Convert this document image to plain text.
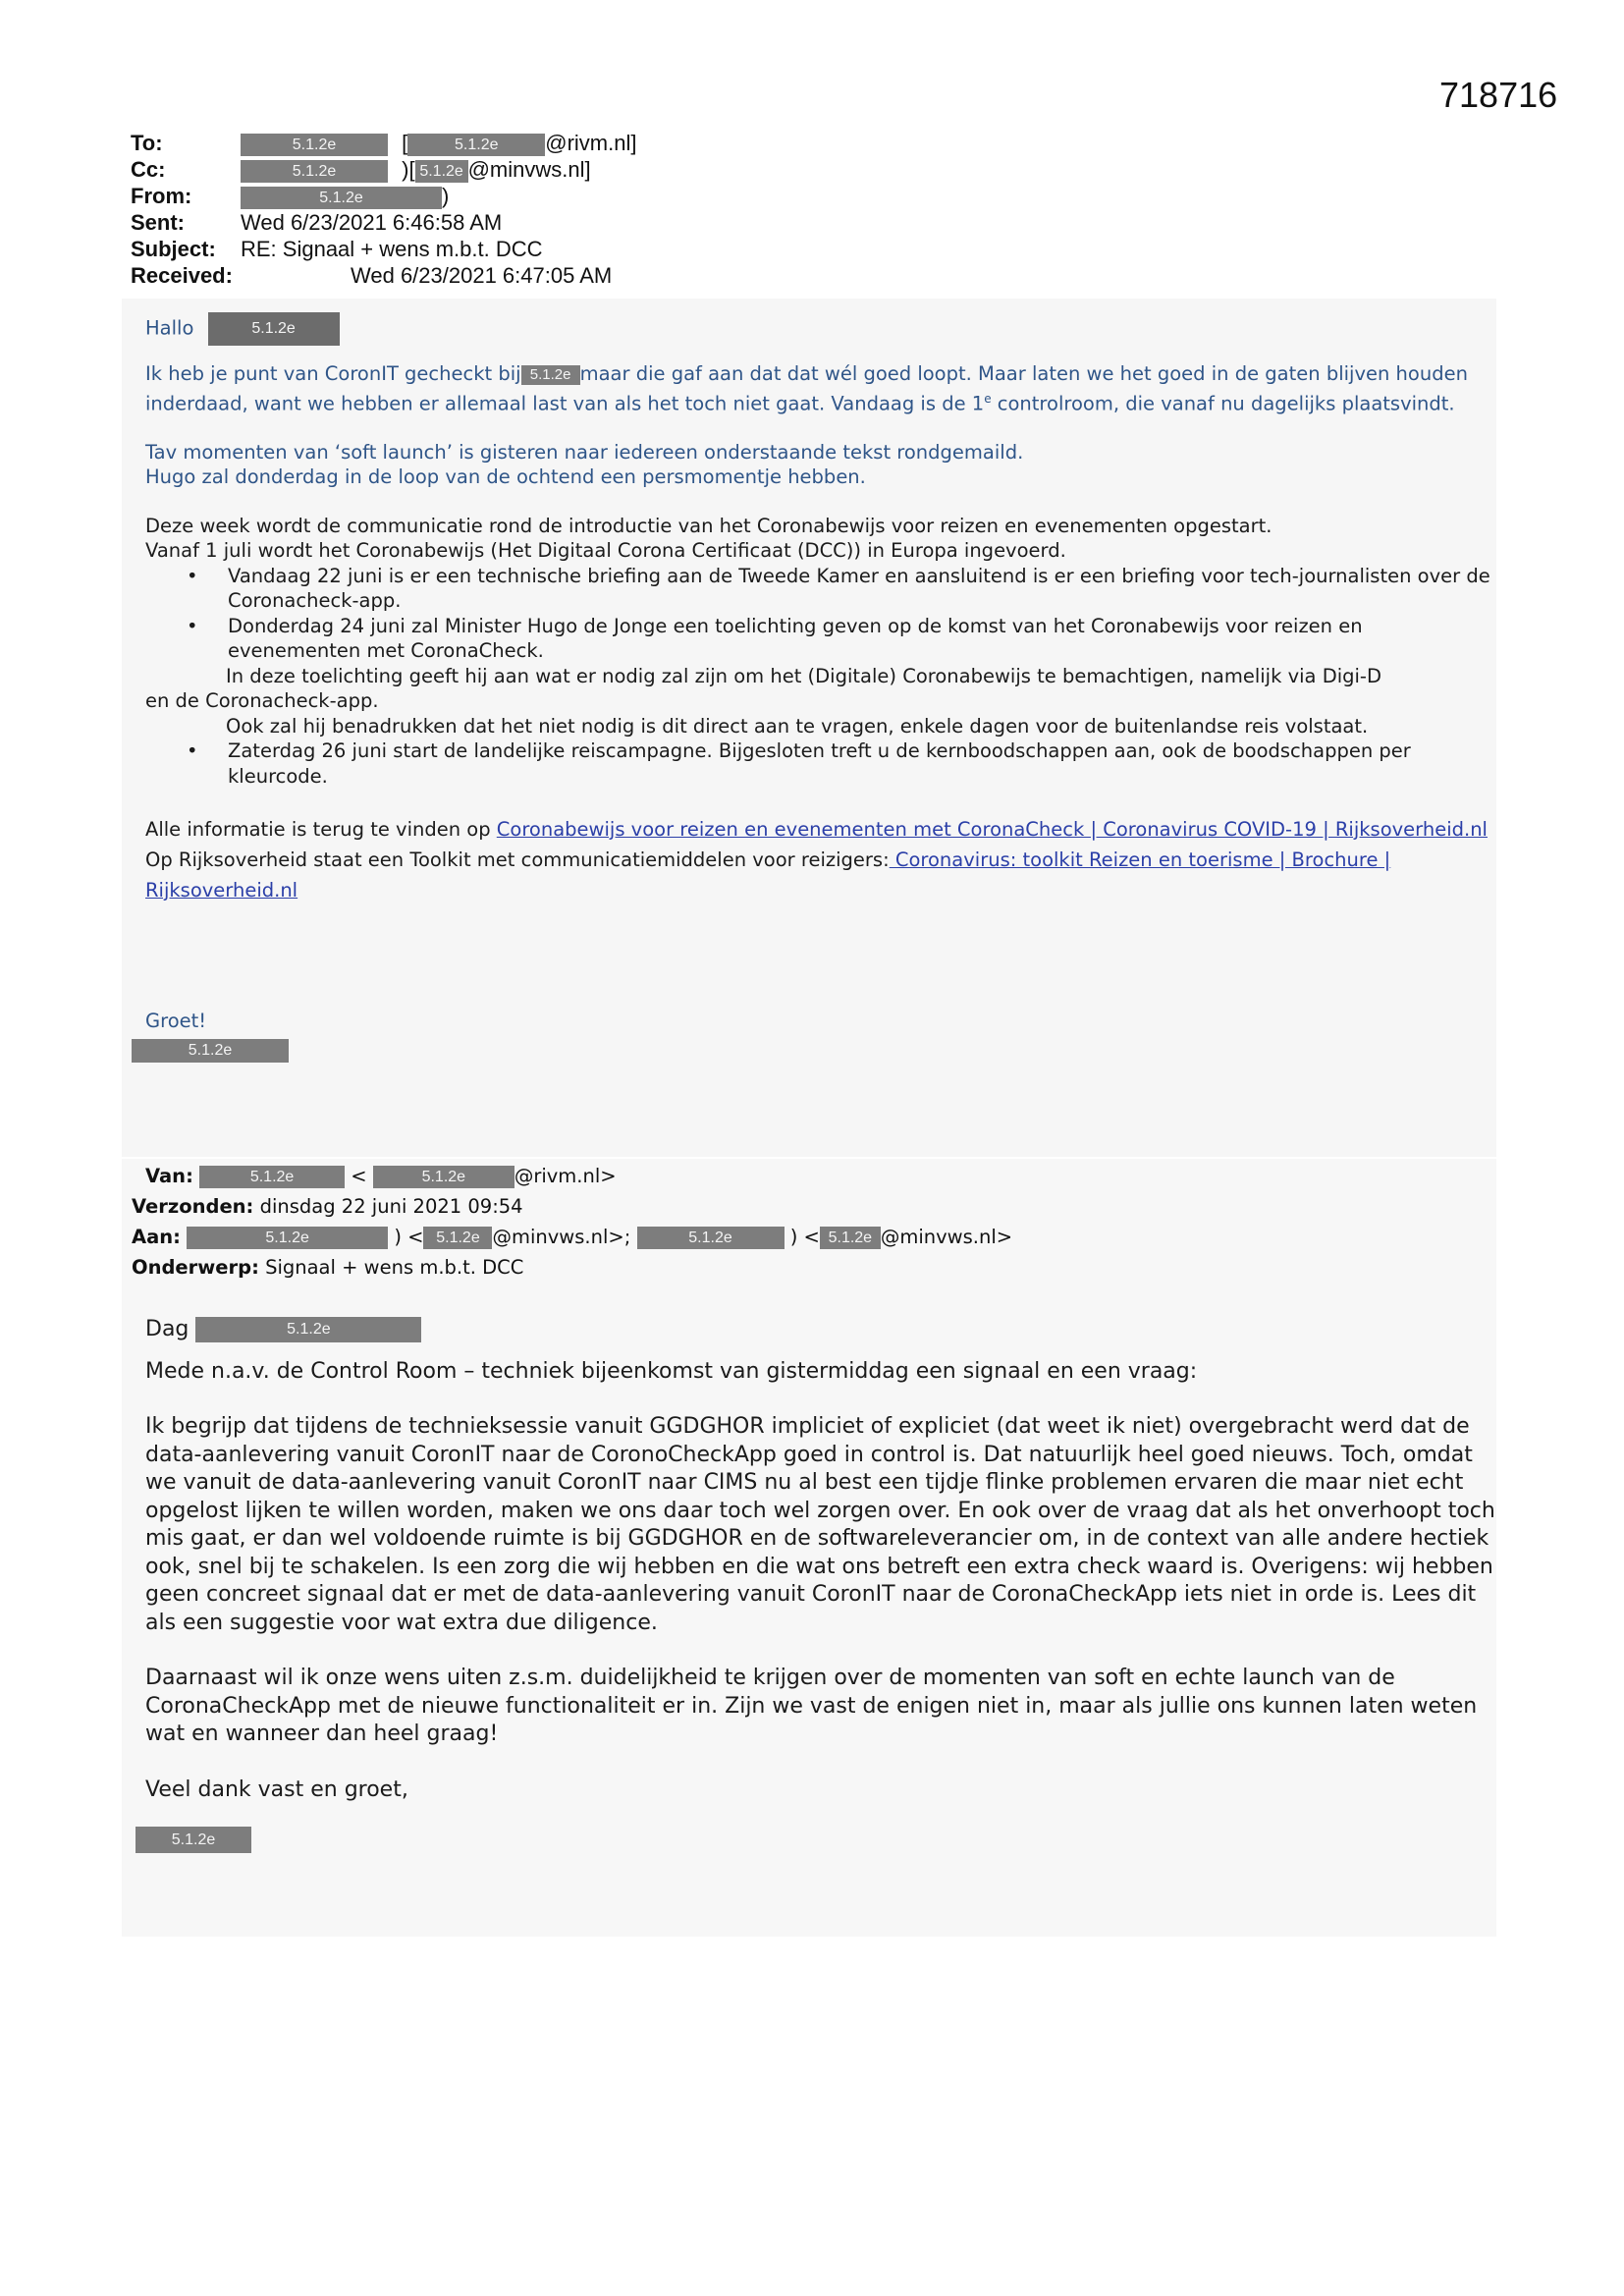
718716
To:	5.1.2e	[	5.1.2e @rivm.nl]
Cc:	5.1.2e	)[ 5.1.2e @minvws.nl]
From:	5.1.2e	)
Sent:	Wed 6/23/2021 6:46:58 AM
Subject: RE: Signaal + wens m.b.t. DCC
Received:	Wed 6/23/2021 6:47:05 AM

Hallo	5.1.2e

Ik heb je punt van CoronIT gecheckt bij 5.1.2e maar die gaf aan dat dat wél goed loopt. Maar laten we het goed in de gaten blijven houden inderdaad, want we hebben er allemaal last van als het toch niet gaat. Vandaag is de 1e controlroom, die vanaf nu dagelijks plaatsvindt.

Tav momenten van ‘soft launch’ is gisteren naar iedereen onderstaande tekst rondgemaild.

Hugo zal donderdag in de loop van de ochtend een persmomentje hebben.

Deze week wordt de communicatie rond de introductie van het Coronabewijs voor reizen en evenementen opgestart.

Vanaf 1 juli wordt het Coronabewijs (Het Digitaal Corona Certificaat (DCC)) in Europa ingevoerd.

• Vandaag 22 juni is er een technische briefing aan de Tweede Kamer en aansluitend is er een briefing voor tech-journalisten over de Coronacheck-app.

• Donderdag 24 juni zal Minister Hugo de Jonge een toelichting geven op de komst van het Coronabewijs voor reizen en evenementen met CoronaCheck.

In deze toelichting geeft hij aan wat er nodig zal zijn om het (Digitale) Coronabewijs te bemachtigen, namelijk via Digi-D

en de Coronacheck-app.

Ook zal hij benadrukken dat het niet nodig is dit direct aan te vragen, enkele dagen voor de buitenlandse reis volstaat.

• Zaterdag 26 juni start de landelijke reiscampagne. Bijgesloten treft u de kernboodschappen aan, ook de boodschappen per kleurcode.

Alle informatie is terug te vinden op Coronabewijs voor reizen en evenementen met CoronaCheck | Coronavirus COVID-19 | Rijksoverheid.nl

Op Rijksoverheid staat een Toolkit met communicatiemiddelen voor reizigers: Coronavirus: toolkit Reizen en toerisme | Brochure | Rijksoverheid.nl

Groet!

5.1.2e

Van:	5.1.2e	<	5.1.2e	@rivm.nl>
Verzonden: dinsdag 22 juni 2021 09:54
Aan:	5.1.2e	) < 5.1.2e @minvws.nl>;	5.1.2e	) < 5.1.2e @minvws.nl>
Onderwerp: Signaal + wens m.b.t. DCC

Dag	5.1.2e

Mede n.a.v. de Control Room – techniek bijeenkomst van gistermiddag een signaal en een vraag:

Ik begrijp dat tijdens de technieksessie vanuit GGDGHOR impliciet of expliciet (dat weet ik niet) overgebracht werd dat de data-aanlevering vanuit CoronIT naar de CoronoCheckApp goed in control is. Dat natuurlijk heel goed nieuws. Toch, omdat we vanuit de data-aanlevering vanuit CoronIT naar CIMS nu al best een tijdje flinke problemen ervaren die maar niet echt opgelost lijken te willen worden, maken we ons daar toch wel zorgen over. En ook over de vraag dat als het onverhoopt toch mis gaat, er dan wel voldoende ruimte is bij GGDGHOR en de softwareleverancier om, in de context van alle andere hectiek ook, snel bij te schakelen. Is een zorg die wij hebben en die wat ons betreft een extra check waard is. Overigens: wij hebben geen concreet signaal dat er met de data-aanlevering vanuit CoronIT naar de CoronaCheckApp iets niet in orde is. Lees dit als een suggestie voor wat extra due diligence.

Daarnaast wil ik onze wens uiten z.s.m. duidelijkheid te krijgen over de momenten van soft en echte launch van de CoronaCheckApp met de nieuwe functionaliteit er in. Zijn we vast de enigen niet in, maar als jullie ons kunnen laten weten wat en wanneer dan heel graag!

Veel dank vast en groet,

5.1.2e
